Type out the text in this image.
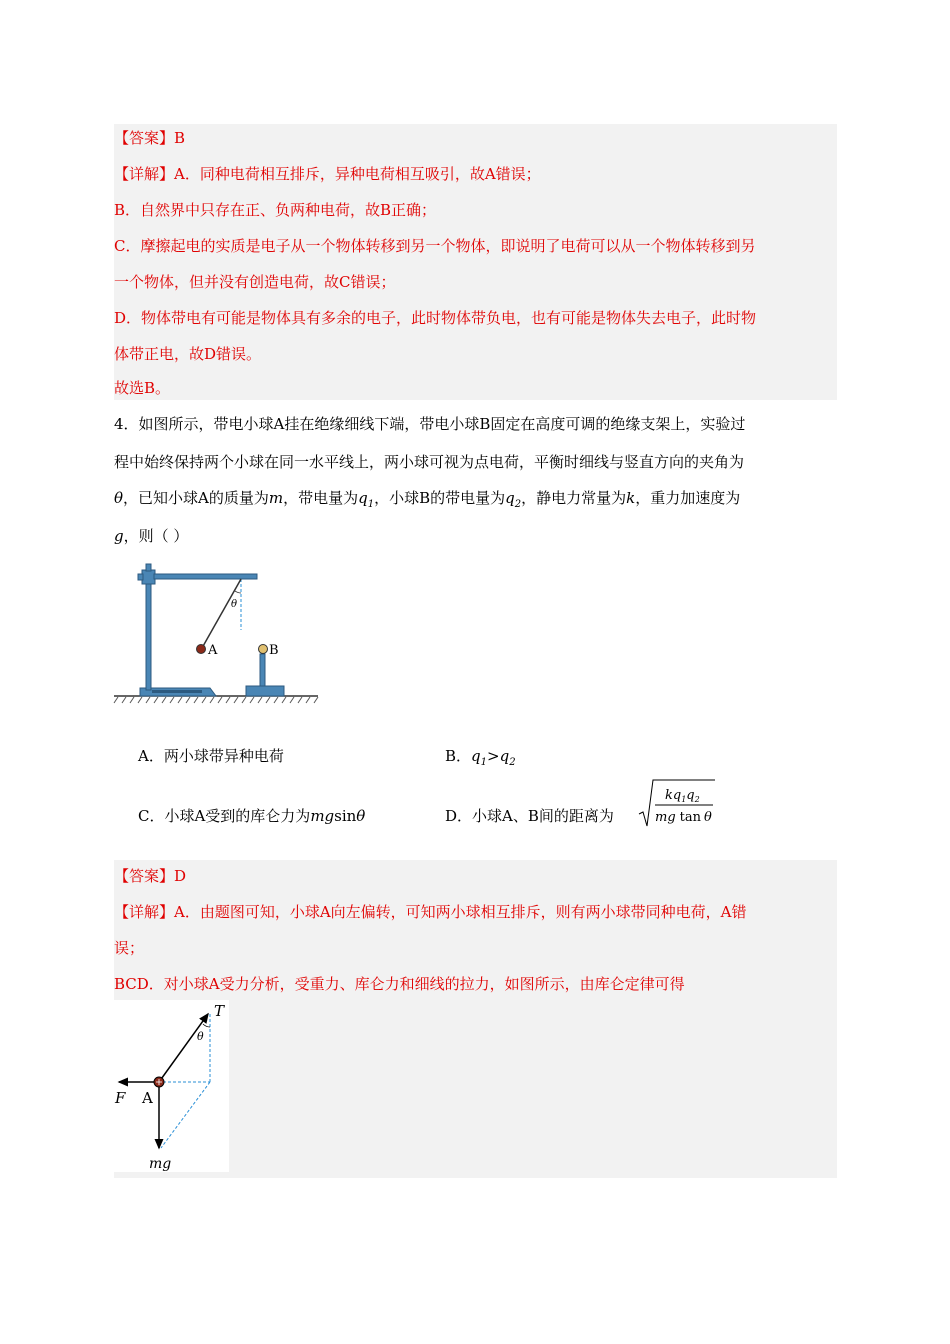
【答案】B
【详解】A．同种电荷相互排斥，异种电荷相互吸引，故A错误；
B．自然界中只存在正、负两种电荷，故B正确；
C．摩擦起电的实质是电子从一个物体转移到另一个物体，即说明了电荷可以从一个物体转移到另
一个物体，但并没有创造电荷，故C错误；
D．物体带电有可能是物体具有多余的电子，此时物体带负电，也有可能是物体失去电子，此时物
体带正电，故D错误。
故选B。
4．如图所示，带电小球A挂在绝缘细线下端，带电小球B固定在高度可调的绝缘支架上，实验过
程中始终保持两个小球在同一水平线上，两小球可视为点电荷，平衡时细线与竖直方向的夹角为
θ，已知小球A的质量为m，带电量为$q_1$，小球B的带电量为$q_2$，静电力常量为k，重力加速度为
g，则（ ）
θ
A	B
A．两小球带异种电荷	B．$q_1>q_2$
C．小球A受到的库仑力为mgsinθ	D．小球A、B间的距离为
$kq_1q_2$
mg tan θ
【答案】D
【详解】A．由题图可知，小球A向左偏转，可知两小球相互排斥，则有两小球带同种电荷，A错
误；
BCD．对小球A受力分析，受重力、库仑力和细线的拉力，如图所示，由库仑定律可得
θ
T
F
mg
A
